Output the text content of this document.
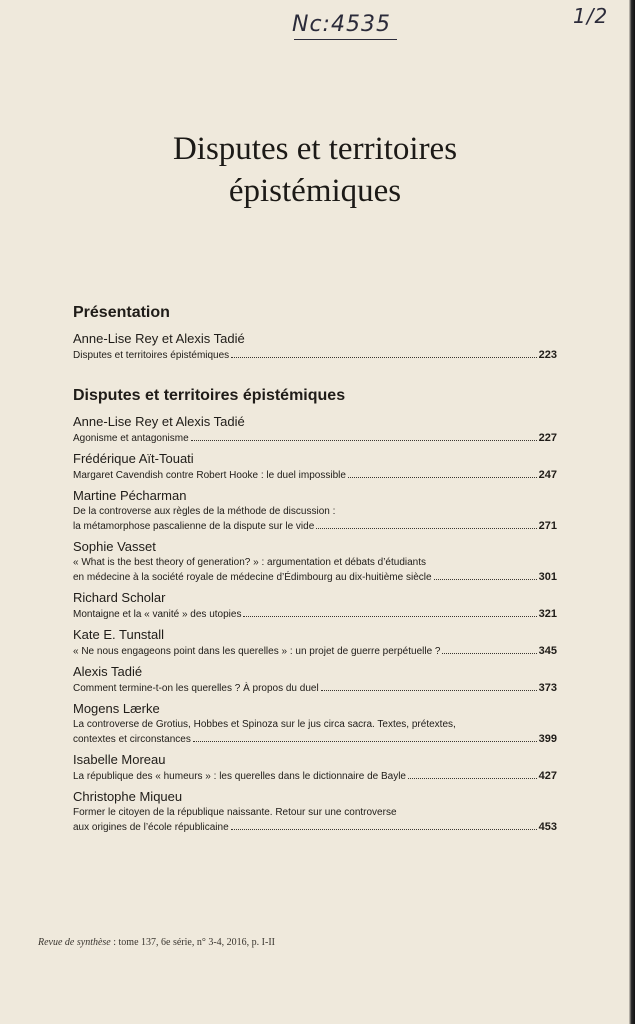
Nc:4535	1/2
Disputes et territoires
épistémiques
Présentation
Anne-Lise Rey et Alexis Tadié
Disputes et territoires épistémiques	223
Disputes et territoires épistémiques
Anne-Lise Rey et Alexis Tadié
Agonisme et antagonisme	227
Frédérique Aït-Touati
Margaret Cavendish contre Robert Hooke : le duel impossible	247
Martine Pécharman
De la controverse aux règles de la méthode de discussion :
la métamorphose pascalienne de la dispute sur le vide	271
Sophie Vasset
« What is the best theory of generation? » : argumentation et débats d’étudiants
en médecine à la société royale de médecine d’Édimbourg au dix-huitième siècle	301
Richard Scholar
Montaigne et la « vanité » des utopies	321
Kate E. Tunstall
« Ne nous engageons point dans les querelles » : un projet de guerre perpétuelle ?	345
Alexis Tadié
Comment termine-t-on les querelles ? À propos du duel	373
Mogens Lærke
La controverse de Grotius, Hobbes et Spinoza sur le jus circa sacra. Textes, prétextes,
contextes et circonstances	399
Isabelle Moreau
La république des « humeurs » : les querelles dans le dictionnaire de Bayle	427
Christophe Miqueu
Former le citoyen de la république naissante. Retour sur une controverse
aux origines de l’école républicaine	453
Revue de synthèse : tome 137, 6e série, n° 3-4, 2016, p. I-II
